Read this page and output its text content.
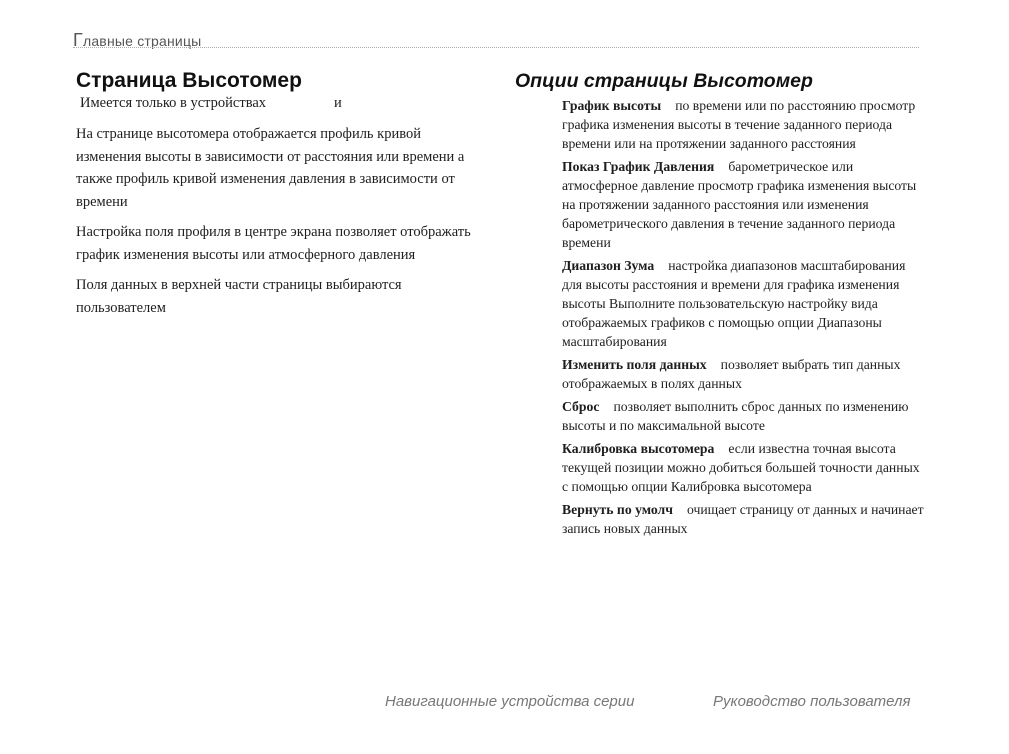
Главные страницы
Страница Высотомер
Имеется только в устройствах	и

На странице высотомера отображается профиль кривой изменения высоты в зависимости от расстояния или времени а также профиль кривой изменения давления в зависимости от времени

Настройка поля профиля в центре экрана позволяет отображать график изменения высоты или атмосферного давления

Поля данных в верхней части страницы выбираются пользователем

Опции страницы Высотомер

График высоты по времени или по расстоянию просмотр графика изменения высоты в течение заданного периода времени или на протяжении заданного расстояния

Показ График Давления барометрическое или атмосферное давление просмотр графика изменения высоты на протяжении заданного расстояния или изменения барометрического давления в течение заданного периода времени

Диапазон Зума настройка диапазонов масштабирования для высоты расстояния и времени для графика изменения высоты Выполните пользовательскую настройку вида отображаемых графиков с помощью опции Диапазоны масштабирования

Изменить поля данных позволяет выбрать тип данных отображаемых в полях данных

Сброс позволяет выполнить сброс данных по изменению высоты и по максимальной высоте

Калибровка высотомера если известна точная высота текущей позиции можно добиться большей точности данных с помощью опции Калибровка высотомера

Вернуть по умолч очищает страницу от данных и начинает запись новых данных

Навигационные устройства серии	Руководство пользователя
